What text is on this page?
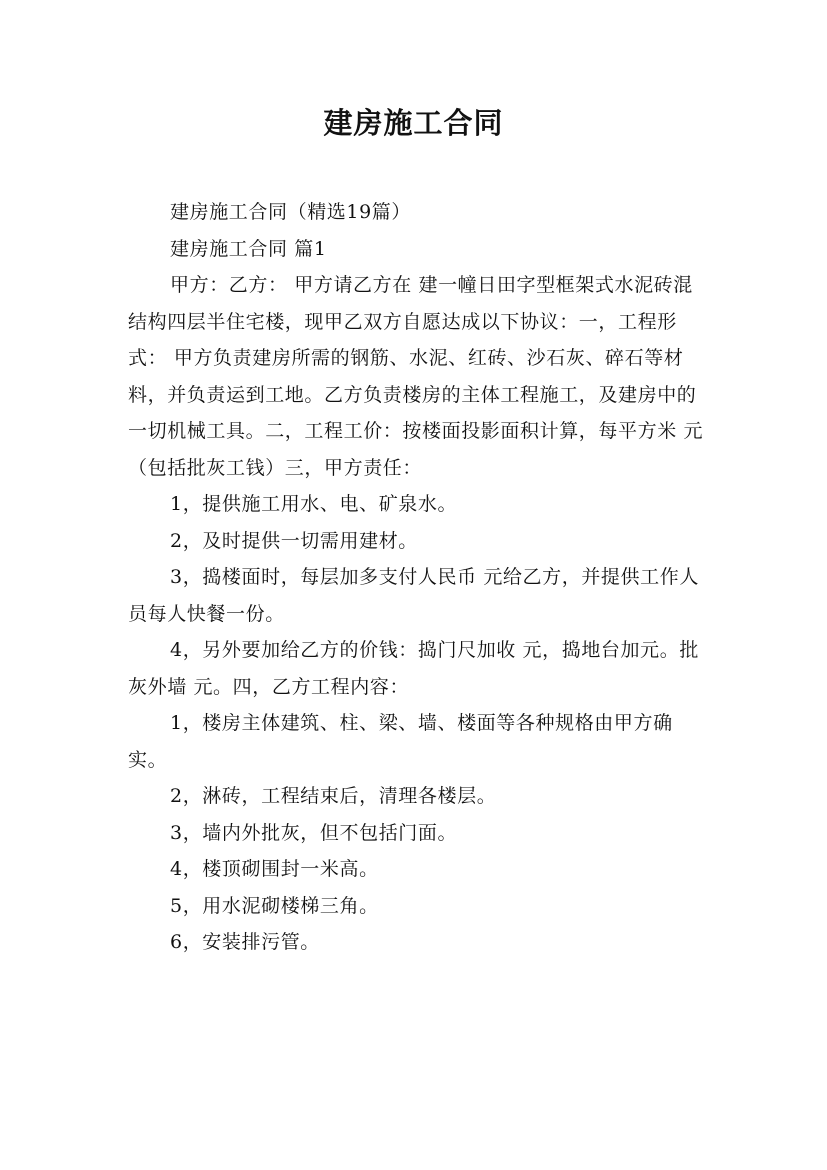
建房施工合同

建房施工合同（精选19篇）

建房施工合同 篇1

甲方：乙方： 甲方请乙方在 建一幢日田字型框架式水泥砖混结构四层半住宅楼，现甲乙双方自愿达成以下协议：一，工程形式： 甲方负责建房所需的钢筋、水泥、红砖、沙石灰、碎石等材料，并负责运到工地。乙方负责楼房的主体工程施工，及建房中的一切机械工具。二，工程工价：按楼面投影面积计算，每平方米 元（包括批灰工钱）三，甲方责任：

1，提供施工用水、电、矿泉水。

2，及时提供一切需用建材。

3，捣楼面时，每层加多支付人民币 元给乙方，并提供工作人员每人快餐一份。

4，另外要加给乙方的价钱：捣门尺加收 元，捣地台加元。批灰外墙 元。四，乙方工程内容：

1，楼房主体建筑、柱、梁、墙、楼面等各种规格由甲方确实。

2，淋砖，工程结束后，清理各楼层。

3，墙内外批灰，但不包括门面。

4，楼顶砌围封一米高。

5，用水泥砌楼梯三角。

6，安装排污管。
